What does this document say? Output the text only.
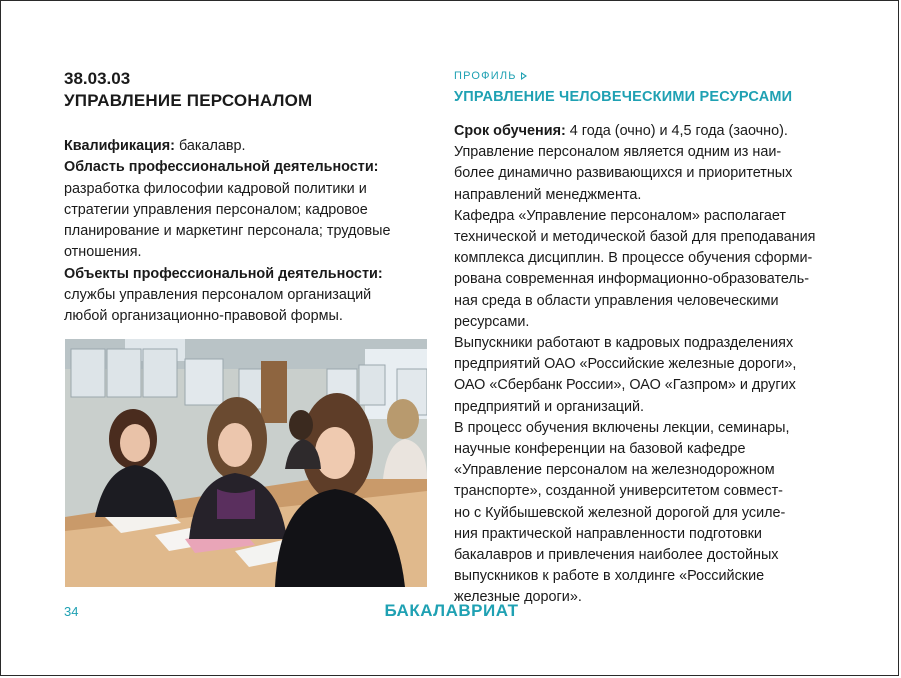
38.03.03

УПРАВЛЕНИЕ ПЕРСОНАЛОМ

Квалификация: бакалавр.

Область профессиональной деятельности:

разработка философии кадровой политики и

стратегии управления персоналом; кадровое

планирование и маркетинг персонала; трудовые

отношения.

Объекты профессиональной деятельности:

службы управления персоналом организаций

любой организационно-правовой формы.

ПРОФИЛЬ
УПРАВЛЕНИЕ ЧЕЛОВЕЧЕСКИМИ РЕСУРСАМИ

Срок обучения: 4 года (очно) и 4,5 года (заочно).

Управление персоналом является одним из наи-

более динамично развивающихся и приоритетных

направлений менеджмента.

Кафедра «Управление персоналом» располагает

технической и методической базой для преподавания

комплекса дисциплин. В процессе обучения сформи-

рована современная информационно-образователь-

ная среда в области управления человеческими

ресурсами.

Выпускники работают в кадровых подразделениях

предприятий ОАО «Российские железные дороги»,

ОАО «Сбербанк России», ОАО «Газпром» и других

предприятий и организаций.

В процесс обучения включены лекции, семинары,

научные конференции на базовой кафедре

«Управление персоналом на железнодорожном

транспорте», созданной университетом совмест-

но с Куйбышевской железной дорогой для усиле-

ния практической направленности подготовки

бакалавров и привлечения наиболее достойных

выпускников к работе в холдинге «Российские

железные дороги».

34	БАКАЛАВРИАТ
